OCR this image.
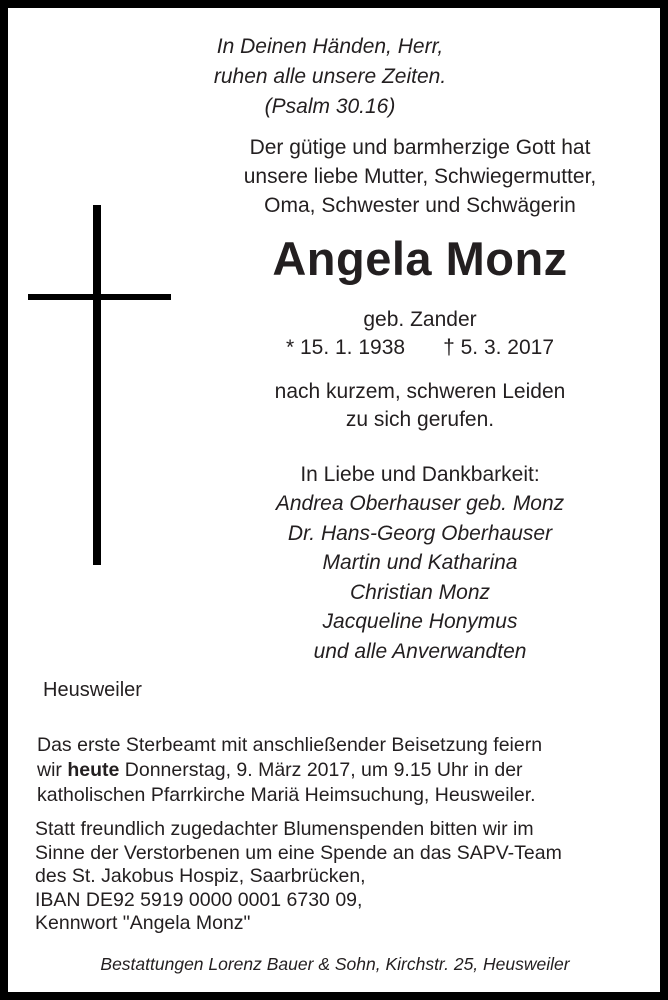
In Deinen Händen, Herr,
ruhen alle unsere Zeiten.
(Psalm 30.16)
Der gütige und barmherzige Gott hat
unsere liebe Mutter, Schwiegermutter,
Oma, Schwester und Schwägerin
Angela Monz
geb. Zander
* 15. 1. 1938 † 5. 3. 2017
nach kurzem, schweren Leiden
zu sich gerufen.
In Liebe und Dankbarkeit:
Andrea Oberhauser geb. Monz
Dr. Hans-Georg Oberhauser
Martin und Katharina
Christian Monz
Jacqueline Honymus
und alle Anverwandten
Heusweiler
Das erste Sterbeamt mit anschließender Beisetzung feiern
wir heute Donnerstag, 9. März 2017, um 9.15 Uhr in der
katholischen Pfarrkirche Mariä Heimsuchung, Heusweiler.
Statt freundlich zugedachter Blumenspenden bitten wir im
Sinne der Verstorbenen um eine Spende an das SAPV-Team
des St. Jakobus Hospiz, Saarbrücken,
IBAN DE92 5919 0000 0001 6730 09,
Kennwort "Angela Monz"
Bestattungen Lorenz Bauer & Sohn, Kirchstr. 25, Heusweiler
